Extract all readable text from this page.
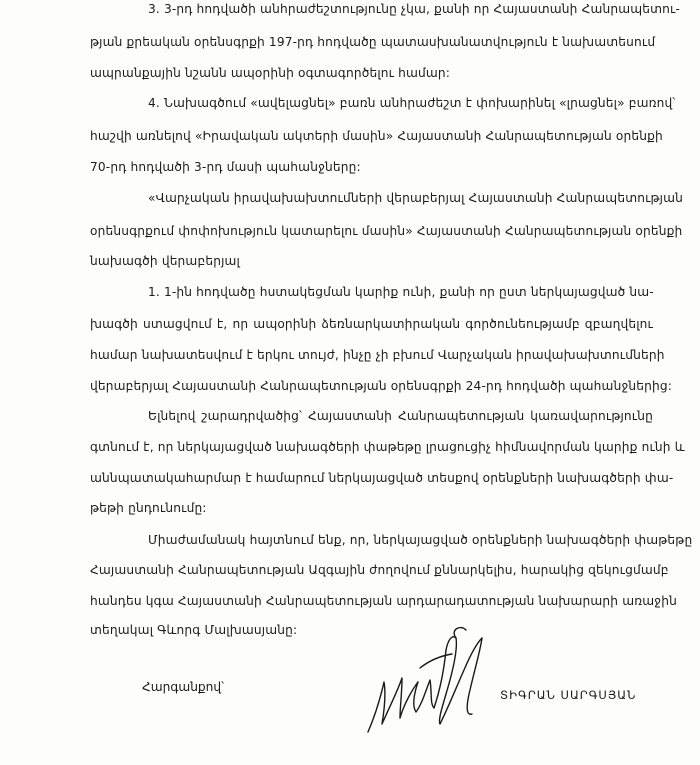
3. 3-րդ հոդվածի անհրաժեշտությունը չկա, քանի որ Հայաստանի Հանրապետու-
թյան քրեական օրենսգրքի 197-րդ հոդվածը պատասխանատվություն է նախատեսում
ապրանքային նշանն ապօրինի օգտագործելու համար:
4. Նախագծում «ավելացնել» բառն անհրաժեշտ է փոխարինել «լրացնել» բառով՝
հաշվի առնելով «Իրավական ակտերի մասին» Հայաստանի Հանրապետության օրենքի
70-րդ հոդվածի 3-րդ մասի պահանջները:
«Վարչական իրավախախտումների վերաբերյալ Հայաստանի Հանրապետության
օրենսգրքում փոփոխություն կատարելու մասին» Հայաստանի Հանրապետության օրենքի
նախագծի վերաբերյալ
1. 1-ին հոդվածը հստակեցման կարիք ունի, քանի որ ըստ ներկայացված նա-
խագծի ստացվում է, որ ապօրինի ձեռնարկատիրական գործունեությամբ զբաղվելու
համար նախատեսվում է երկու տույժ, ինչը չի բխում Վարչական իրավախախտումների
վերաբերյալ Հայաստանի Հանրապետության օրենսգրքի 24-րդ հոդվածի պահանջներից:
Ելնելով շարադրվածից՝ Հայաստանի Հանրապետության կառավարությունը
գտնում է, որ ներկայացված նախագծերի փաթեթը լրացուցիչ հիմնավորման կարիք ունի և
աննպատակահարմար է համարում ներկայացված տեսքով օրենքների նախագծերի փա-
թեթի ընդունումը:
Միաժամանակ հայտնում ենք, որ, ներկայացված օրենքների նախագծերի փաթեթը
Հայաստանի Հանրապետության Ազգային ժողովում քննարկելիս, հարակից զեկուցմամբ
հանդես կգա Հայաստանի Հանրապետության արդարադատության նախարարի առաջին
տեղակալ Գևորգ Մալխասյանը:
Հարգանքով՝
ՏԻԳՐԱՆ ՍԱՐԳՍՅԱՆ
